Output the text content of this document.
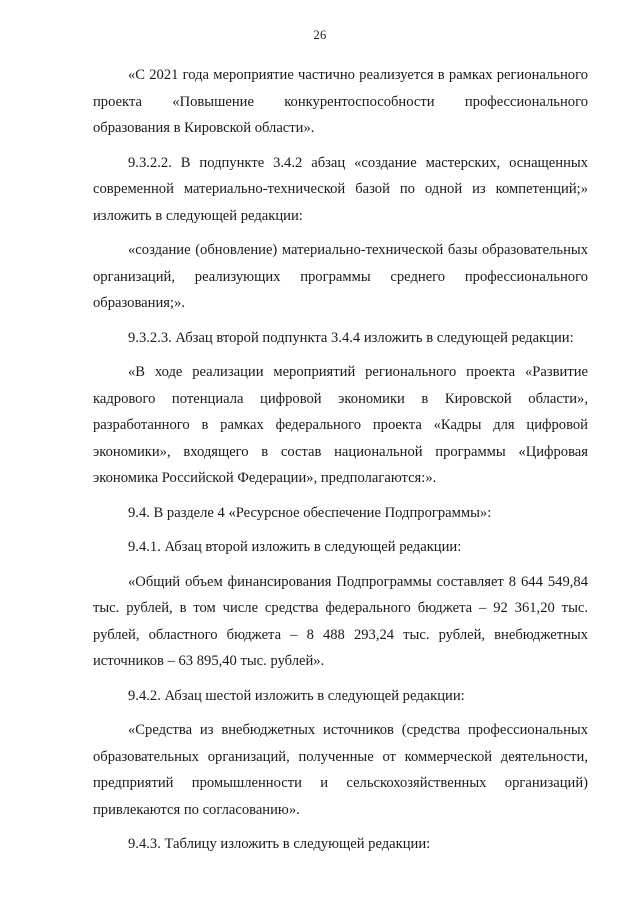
26

«С 2021 года мероприятие частично реализуется в рамках регионального проекта «Повышение конкурентоспособности профессионального образования в Кировской области».

9.3.2.2. В подпункте 3.4.2 абзац «создание мастерских, оснащенных современной материально-технической базой по одной из компетенций;» изложить в следующей редакции:

«создание (обновление) материально-технической базы образовательных организаций, реализующих программы среднего профессионального образования;».

9.3.2.3. Абзац второй подпункта 3.4.4 изложить в следующей редакции:

«В ходе реализации мероприятий регионального проекта «Развитие кадрового потенциала цифровой экономики в Кировской области», разработанного в рамках федерального проекта «Кадры для цифровой экономики», входящего в состав национальной программы «Цифровая экономика Российской Федерации», предполагаются:».

9.4. В разделе 4 «Ресурсное обеспечение Подпрограммы»:

9.4.1. Абзац второй изложить в следующей редакции:

«Общий объем финансирования Подпрограммы составляет 8 644 549,84 тыс. рублей, в том числе средства федерального бюджета – 92 361,20 тыс. рублей, областного бюджета – 8 488 293,24 тыс. рублей, внебюджетных источников – 63 895,40 тыс. рублей».

9.4.2. Абзац шестой изложить в следующей редакции:

«Средства из внебюджетных источников (средства профессиональных образовательных организаций, полученные от коммерческой деятельности, предприятий промышленности и сельскохозяйственных организаций) привлекаются по согласованию».

9.4.3. Таблицу изложить в следующей редакции:
